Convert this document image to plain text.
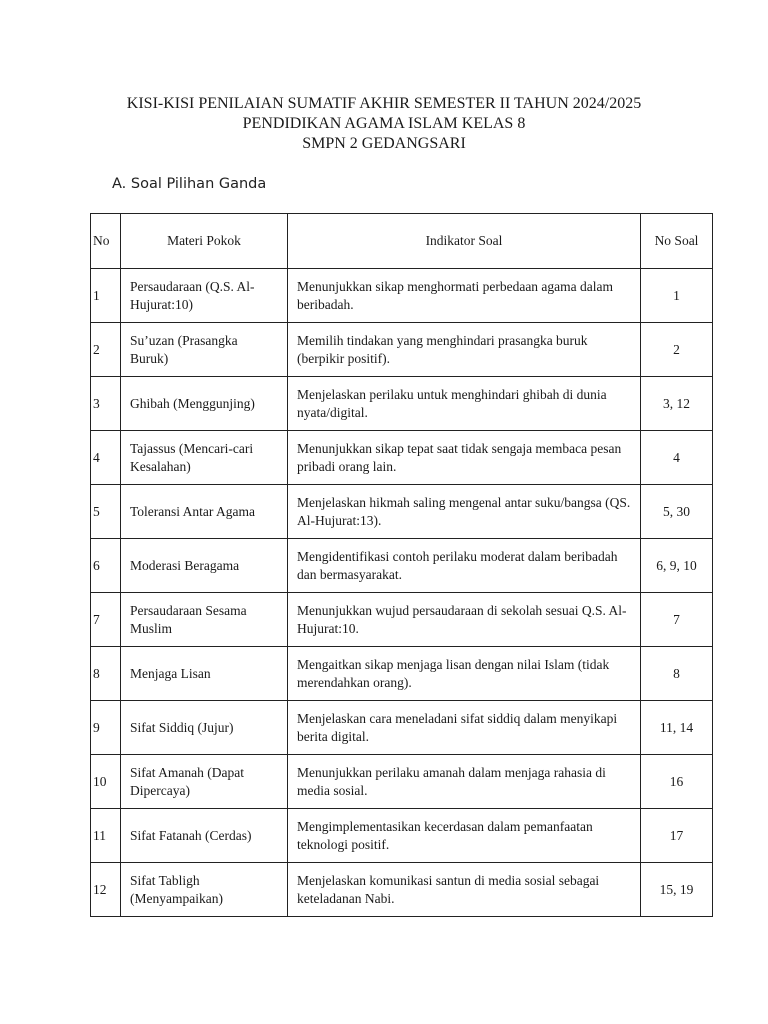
KISI-KISI PENILAIAN SUMATIF AKHIR SEMESTER II TAHUN 2024/2025
PENDIDIKAN AGAMA ISLAM KELAS 8
SMPN 2 GEDANGSARI
A. Soal Pilihan Ganda
No	Materi Pokok	Indikator Soal	No Soal
1	Persaudaraan (Q.S. Al-Hujurat:10)	Menunjukkan sikap menghormati perbedaan agama dalam beribadah.	1
2	Su’uzan (Prasangka Buruk)	Memilih tindakan yang menghindari prasangka buruk (berpikir positif).	2
3	Ghibah (Menggunjing)	Menjelaskan perilaku untuk menghindari ghibah di dunia nyata/digital.	3, 12
4	Tajassus (Mencari-cari Kesalahan)	Menunjukkan sikap tepat saat tidak sengaja membaca pesan pribadi orang lain.	4
5	Toleransi Antar Agama	Menjelaskan hikmah saling mengenal antar suku/bangsa (QS. Al-Hujurat:13).	5, 30
6	Moderasi Beragama	Mengidentifikasi contoh perilaku moderat dalam beribadah dan bermasyarakat.	6, 9, 10
7	Persaudaraan Sesama Muslim	Menunjukkan wujud persaudaraan di sekolah sesuai Q.S. Al-Hujurat:10.	7
8	Menjaga Lisan	Mengaitkan sikap menjaga lisan dengan nilai Islam (tidak merendahkan orang).	8
9	Sifat Siddiq (Jujur)	Menjelaskan cara meneladani sifat siddiq dalam menyikapi berita digital.	11, 14
10	Sifat Amanah (Dapat Dipercaya)	Menunjukkan perilaku amanah dalam menjaga rahasia di media sosial.	16
11	Sifat Fatanah (Cerdas)	Mengimplementasikan kecerdasan dalam pemanfaatan teknologi positif.	17
12	Sifat Tabligh (Menyampaikan)	Menjelaskan komunikasi santun di media sosial sebagai keteladanan Nabi.	15, 19
